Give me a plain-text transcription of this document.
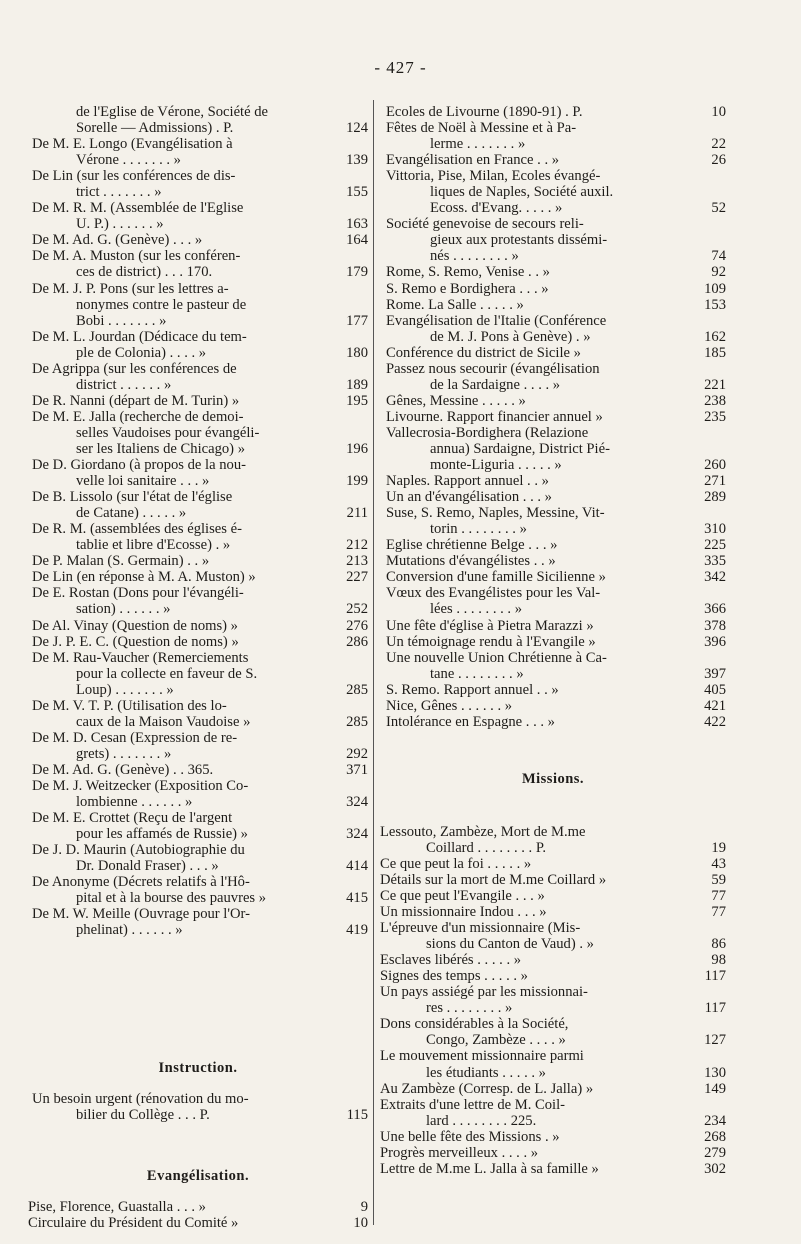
- 427 -
de l'Eglise de Vérone, Société de
Sorelle — Admissions) . P.	124
De M. E. Longo (Evangélisation à
Vérone . . . . . . . »	139
De Lin (sur les conférences de dis-
trict . . . . . . . »	155
De M. R. M. (Assemblée de l'Eglise
U. P.) . . . . . . »	163
De M. Ad. G. (Genève) . . . »	164
De M. A. Muston (sur les conféren-
ces de district) . . . 170.	179
De M. J. P. Pons (sur les lettres a-
nonymes contre le pasteur de
Bobi . . . . . . . »	177
De M. L. Jourdan (Dédicace du tem-
ple de Colonia) . . . . »	180
De Agrippa (sur les conférences de
district . . . . . . »	189
De R. Nanni (départ de M. Turin) »	195
De M. E. Jalla (recherche de demoi-
selles Vaudoises pour évangéli-
ser les Italiens de Chicago) »	196
De D. Giordano (à propos de la nou-
velle loi sanitaire . . . »	199
De B. Lissolo (sur l'état de l'église
de Catane) . . . . . »	211
De R. M. (assemblées des églises é-
tablie et libre d'Ecosse) . »	212
De P. Malan (S. Germain) . . »	213
De Lin (en réponse à M. A. Muston) »	227
De E. Rostan (Dons pour l'évangéli-
sation) . . . . . . »	252
De Al. Vinay (Question de noms) »	276
De J. P. E. C. (Question de noms) »	286
De M. Rau-Vaucher (Remerciements
pour la collecte en faveur de S.
Loup) . . . . . . . »	285
De M. V. T. P. (Utilisation des lo-
caux de la Maison Vaudoise »	285
De M. D. Cesan (Expression de re-
grets) . . . . . . . »	292
De M. Ad. G. (Genève) . . 365.	371
De M. J. Weitzecker (Exposition Co-
lombienne . . . . . . »	324
De M. E. Crottet (Reçu de l'argent
pour les affamés de Russie) »	324
De J. D. Maurin (Autobiographie du
Dr. Donald Fraser) . . . »	414
De Anonyme (Décrets relatifs à l'Hô-
pital et à la bourse des pauvres »	415
De M. W. Meille (Ouvrage pour l'Or-
phelinat) . . . . . . »	419
Instruction.
Un besoin urgent (rénovation du mo-
bilier du Collège . . . P.	115
Evangélisation.
Pise, Florence, Guastalla . . . »	9
Circulaire du Président du Comité »	10
Ecoles de Livourne (1890-91) . P.	10
Fêtes de Noël à Messine et à Pa-
lerme . . . . . . . »	22
Evangélisation en France . . »	26
Vittoria, Pise, Milan, Ecoles évangé-
liques de Naples, Société auxil.
Ecoss. d'Evang. . . . . »	52
Société genevoise de secours reli-
gieux aux protestants dissémi-
nés . . . . . . . . »	74
Rome, S. Remo, Venise . . »	92
S. Remo e Bordighera . . . »	109
Rome. La Salle . . . . . »	153
Evangélisation de l'Italie (Conférence
de M. J. Pons à Genève) . »	162
Conférence du district de Sicile »	185
Passez nous secourir (évangélisation
de la Sardaigne . . . . »	221
Gênes, Messine . . . . . »	238
Livourne. Rapport financier annuel »	235
Vallecrosia-Bordighera (Relazione
annua) Sardaigne, District Pié-
monte-Liguria . . . . . »	260
Naples. Rapport annuel . . »	271
Un an d'évangélisation . . . »	289
Suse, S. Remo, Naples, Messine, Vit-
torin . . . . . . . . »	310
Eglise chrétienne Belge . . . »	225
Mutations d'évangélistes . . »	335
Conversion d'une famille Sicilienne »	342
Vœux des Evangélistes pour les Val-
lées . . . . . . . . »	366
Une fête d'église à Pietra Marazzi »	378
Un témoignage rendu à l'Evangile »	396
Une nouvelle Union Chrétienne à Ca-
tane . . . . . . . . »	397
S. Remo. Rapport annuel . . »	405
Nice, Gênes . . . . . . »	421
Intolérance en Espagne . . . »	422
Missions.
Lessouto, Zambèze, Mort de M.me
Coillard . . . . . . . . P.	19
Ce que peut la foi . . . . . »	43
Détails sur la mort de M.me Coillard »	59
Ce que peut l'Evangile . . . »	77
Un missionnaire Indou . . . »	77
L'épreuve d'un missionnaire (Mis-
sions du Canton de Vaud) . »	86
Esclaves libérés . . . . . »	98
Signes des temps . . . . . »	117
Un pays assiégé par les missionnai-
res . . . . . . . . »	117
Dons considérables à la Société,
Congo, Zambèze . . . . »	127
Le mouvement missionnaire parmi
les étudiants . . . . . »	130
Au Zambèze (Corresp. de L. Jalla) »	149
Extraits d'une lettre de M. Coil-
lard . . . . . . . . 225.	234
Une belle fête des Missions . »	268
Progrès merveilleux . . . . »	279
Lettre de M.me L. Jalla à sa famille »	302
